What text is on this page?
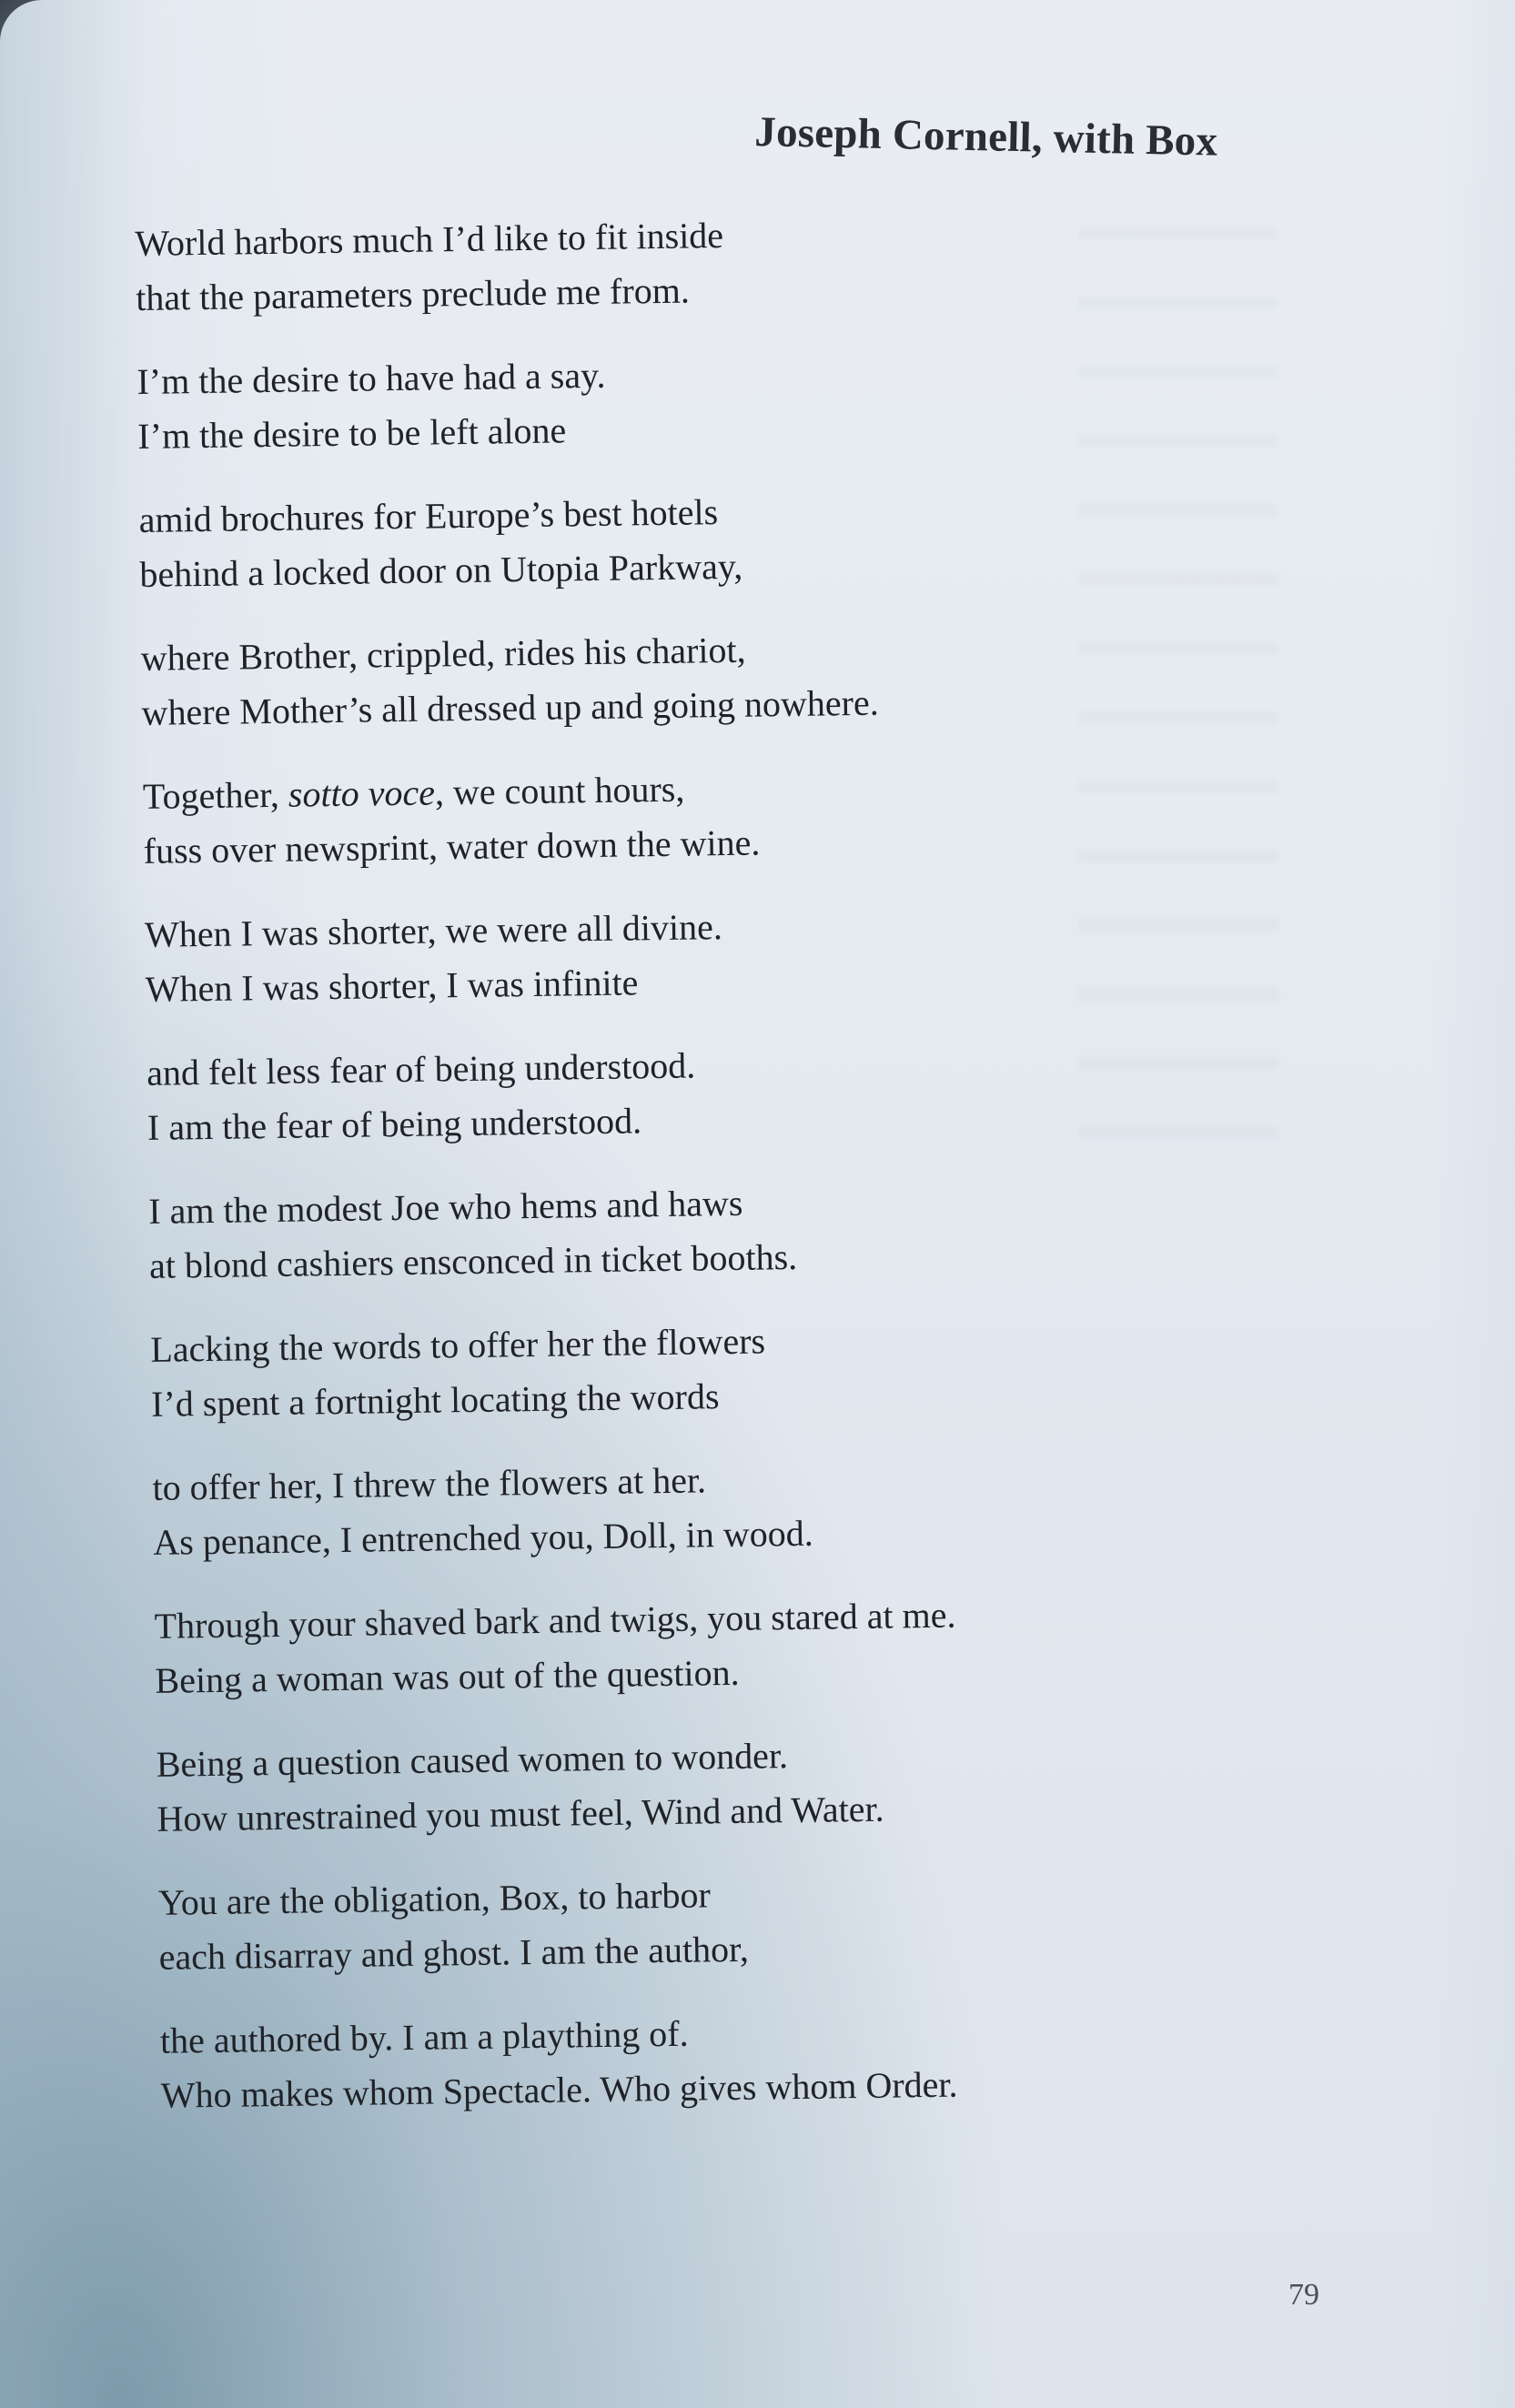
Joseph Cornell, with Box
World harbors much I’d like to fit inside
that the parameters preclude me from.
I’m the desire to have had a say.
I’m the desire to be left alone
amid brochures for Europe’s best hotels
behind a locked door on Utopia Parkway,
where Brother, crippled, rides his chariot,
where Mother’s all dressed up and going nowhere.
Together, sotto voce, we count hours,
fuss over newsprint, water down the wine.
When I was shorter, we were all divine.
When I was shorter, I was infinite
and felt less fear of being understood.
I am the fear of being understood.
I am the modest Joe who hems and haws
at blond cashiers ensconced in ticket booths.
Lacking the words to offer her the flowers
I’d spent a fortnight locating the words
to offer her, I threw the flowers at her.
As penance, I entrenched you, Doll, in wood.
Through your shaved bark and twigs, you stared at me.
Being a woman was out of the question.
Being a question caused women to wonder.
How unrestrained you must feel, Wind and Water.
You are the obligation, Box, to harbor
each disarray and ghost. I am the author,
the authored by. I am a plaything of.
Who makes whom Spectacle. Who gives whom Order.
79
